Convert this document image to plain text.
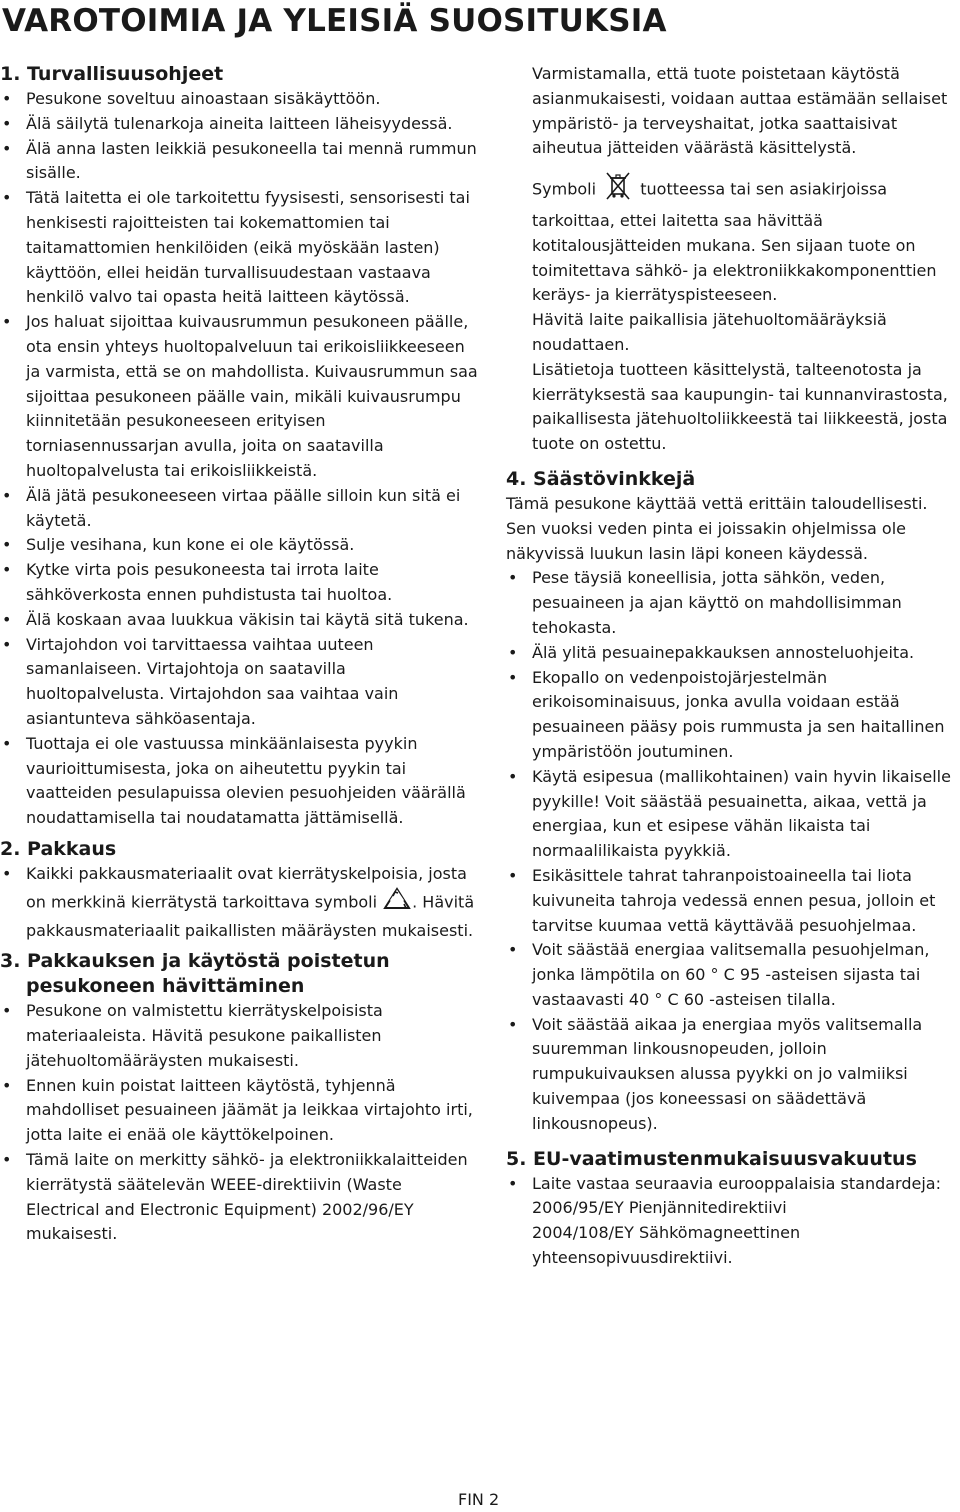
VAROTOIMIA JA YLEISIÄ SUOSITUKSIA
1. Turvallisuusohjeet
• Pesukone soveltuu ainoastaan sisäkäyttöön.
• Älä säilytä tulenarkoja aineita laitteen läheisyydessä.
• Älä anna lasten leikkiä pesukoneella tai mennä rummun sisälle.
• Tätä laitetta ei ole tarkoitettu fyysisesti, sensorisesti tai henkisesti rajoitteisten tai kokemattomien tai taitamattomien henkilöiden (eikä myöskään lasten) käyttöön, ellei heidän turvallisuudestaan vastaava henkilö valvo tai opasta heitä laitteen käytössä.
• Jos haluat sijoittaa kuivausrummun pesukoneen päälle, ota ensin yhteys huoltopalveluun tai erikoisliikkeeseen ja varmista, että se on mahdollista. Kuivausrummun saa sijoittaa pesukoneen päälle vain, mikäli kuivausrumpu kiinnitetään pesukoneeseen erityisen torniasennussarjan avulla, joita on saatavilla huoltopalvelusta tai erikoisliikkeistä.
• Älä jätä pesukoneeseen virtaa päälle silloin kun sitä ei käytetä.
• Sulje vesihana, kun kone ei ole käytössä.
• Kytke virta pois pesukoneesta tai irrota laite sähköverkosta ennen puhdistusta tai huoltoa.
• Älä koskaan avaa luukkua väkisin tai käytä sitä tukena.
• Virtajohdon voi tarvittaessa vaihtaa uuteen samanlaiseen. Virtajohtoja on saatavilla huoltopalvelusta. Virtajohdon saa vaihtaa vain asiantunteva sähköasentaja.
• Tuottaja ei ole vastuussa minkäänlaisesta pyykin vaurioittumisesta, joka on aiheutettu pyykin tai vaatteiden pesulapuissa olevien pesuohjeiden väärällä noudattamisella tai noudatamatta jättämisellä.
2. Pakkaus
• Kaikki pakkausmateriaalit ovat kierrätyskelpoisia, josta on merkkinä kierrätystä tarkoittava symboli . Hävitä pakkausmateriaalit paikallisten määräysten mukaisesti.
3. Pakkauksen ja käytöstä poistetun
pesukoneen hävittäminen
• Pesukone on valmistettu kierrätyskelpoisista materiaaleista. Hävitä pesukone paikallisten jätehuoltomääräysten mukaisesti.
• Ennen kuin poistat laitteen käytöstä, tyhjennä mahdolliset pesuaineen jäämät ja leikkaa virtajohto irti, jotta laite ei enää ole käyttökelpoinen.
• Tämä laite on merkitty sähkö- ja elektroniikkalaitteiden kierrätystä säätelevän WEEE-direktiivin (Waste Electrical and Electronic Equipment) 2002/96/EY mukaisesti.

Varmistamalla, että tuote poistetaan käytöstä asianmukaisesti, voidaan auttaa estämään sellaiset ympäristö- ja terveyshaitat, jotka saattaisivat aiheutua jätteiden väärästä käsittelystä.

Symboli	tuotteessa tai sen asiakirjoissa tarkoittaa, ettei laitetta saa hävittää kotitalousjätteiden mukana. Sen sijaan tuote on toimitettava sähkö- ja elektroniikkakomponenttien keräys- ja kierrätyspisteeseen.

Hävitä laite paikallisia jätehuoltomääräyksiä noudattaen.

Lisätietoja tuotteen käsittelystä, talteenotosta ja kierrätyksestä saa kaupungin- tai kunnanvirastosta, paikallisesta jätehuoltoliikkeestä tai liikkeestä, josta tuote on ostettu.

4. Säästövinkkejä

Tämä pesukone käyttää vettä erittäin taloudellisesti. Sen vuoksi veden pinta ei joissakin ohjelmissa ole näkyvissä luukun lasin läpi koneen käydessä.

• Pese täysiä koneellisia, jotta sähkön, veden, pesuaineen ja ajan käyttö on mahdollisimman tehokasta.
• Älä ylitä pesuainepakkauksen annosteluohjeita.
• Ekopallo on vedenpoistojärjestelmän erikoisominaisuus, jonka avulla voidaan estää pesuaineen pääsy pois rummusta ja sen haitallinen ympäristöön joutuminen.
• Käytä esipesua (mallikohtainen) vain hyvin likaiselle pyykille! Voit säästää pesuainetta, aikaa, vettä ja energiaa, kun et esipese vähän likaista tai normaalilikaista pyykkiä.
• Esikäsittele tahrat tahranpoistoaineella tai liota kuivuneita tahroja vedessä ennen pesua, jolloin et tarvitse kuumaa vettä käyttävää pesuohjelmaa.
• Voit säästää energiaa valitsemalla pesuohjelman, jonka lämpötila on 60 ° C 95 -asteisen sijasta tai vastaavasti 40 ° C 60 -asteisen tilalla.
• Voit säästää aikaa ja energiaa myös valitsemalla suuremman linkousnopeuden, jolloin rumpukuivauksen alussa pyykki on jo valmiiksi kuivempaa (jos koneessasi on säädettävä linkousnopeus).
5. EU-vaatimustenmukaisuusvakuutus
• Laite vastaa seuraavia eurooppalaisia standardeja:
2006/95/EY Pienjännitedirektiivi
2004/108/EY Sähkömagneettinen yhteensopivuusdirektiivi.
FIN 2
